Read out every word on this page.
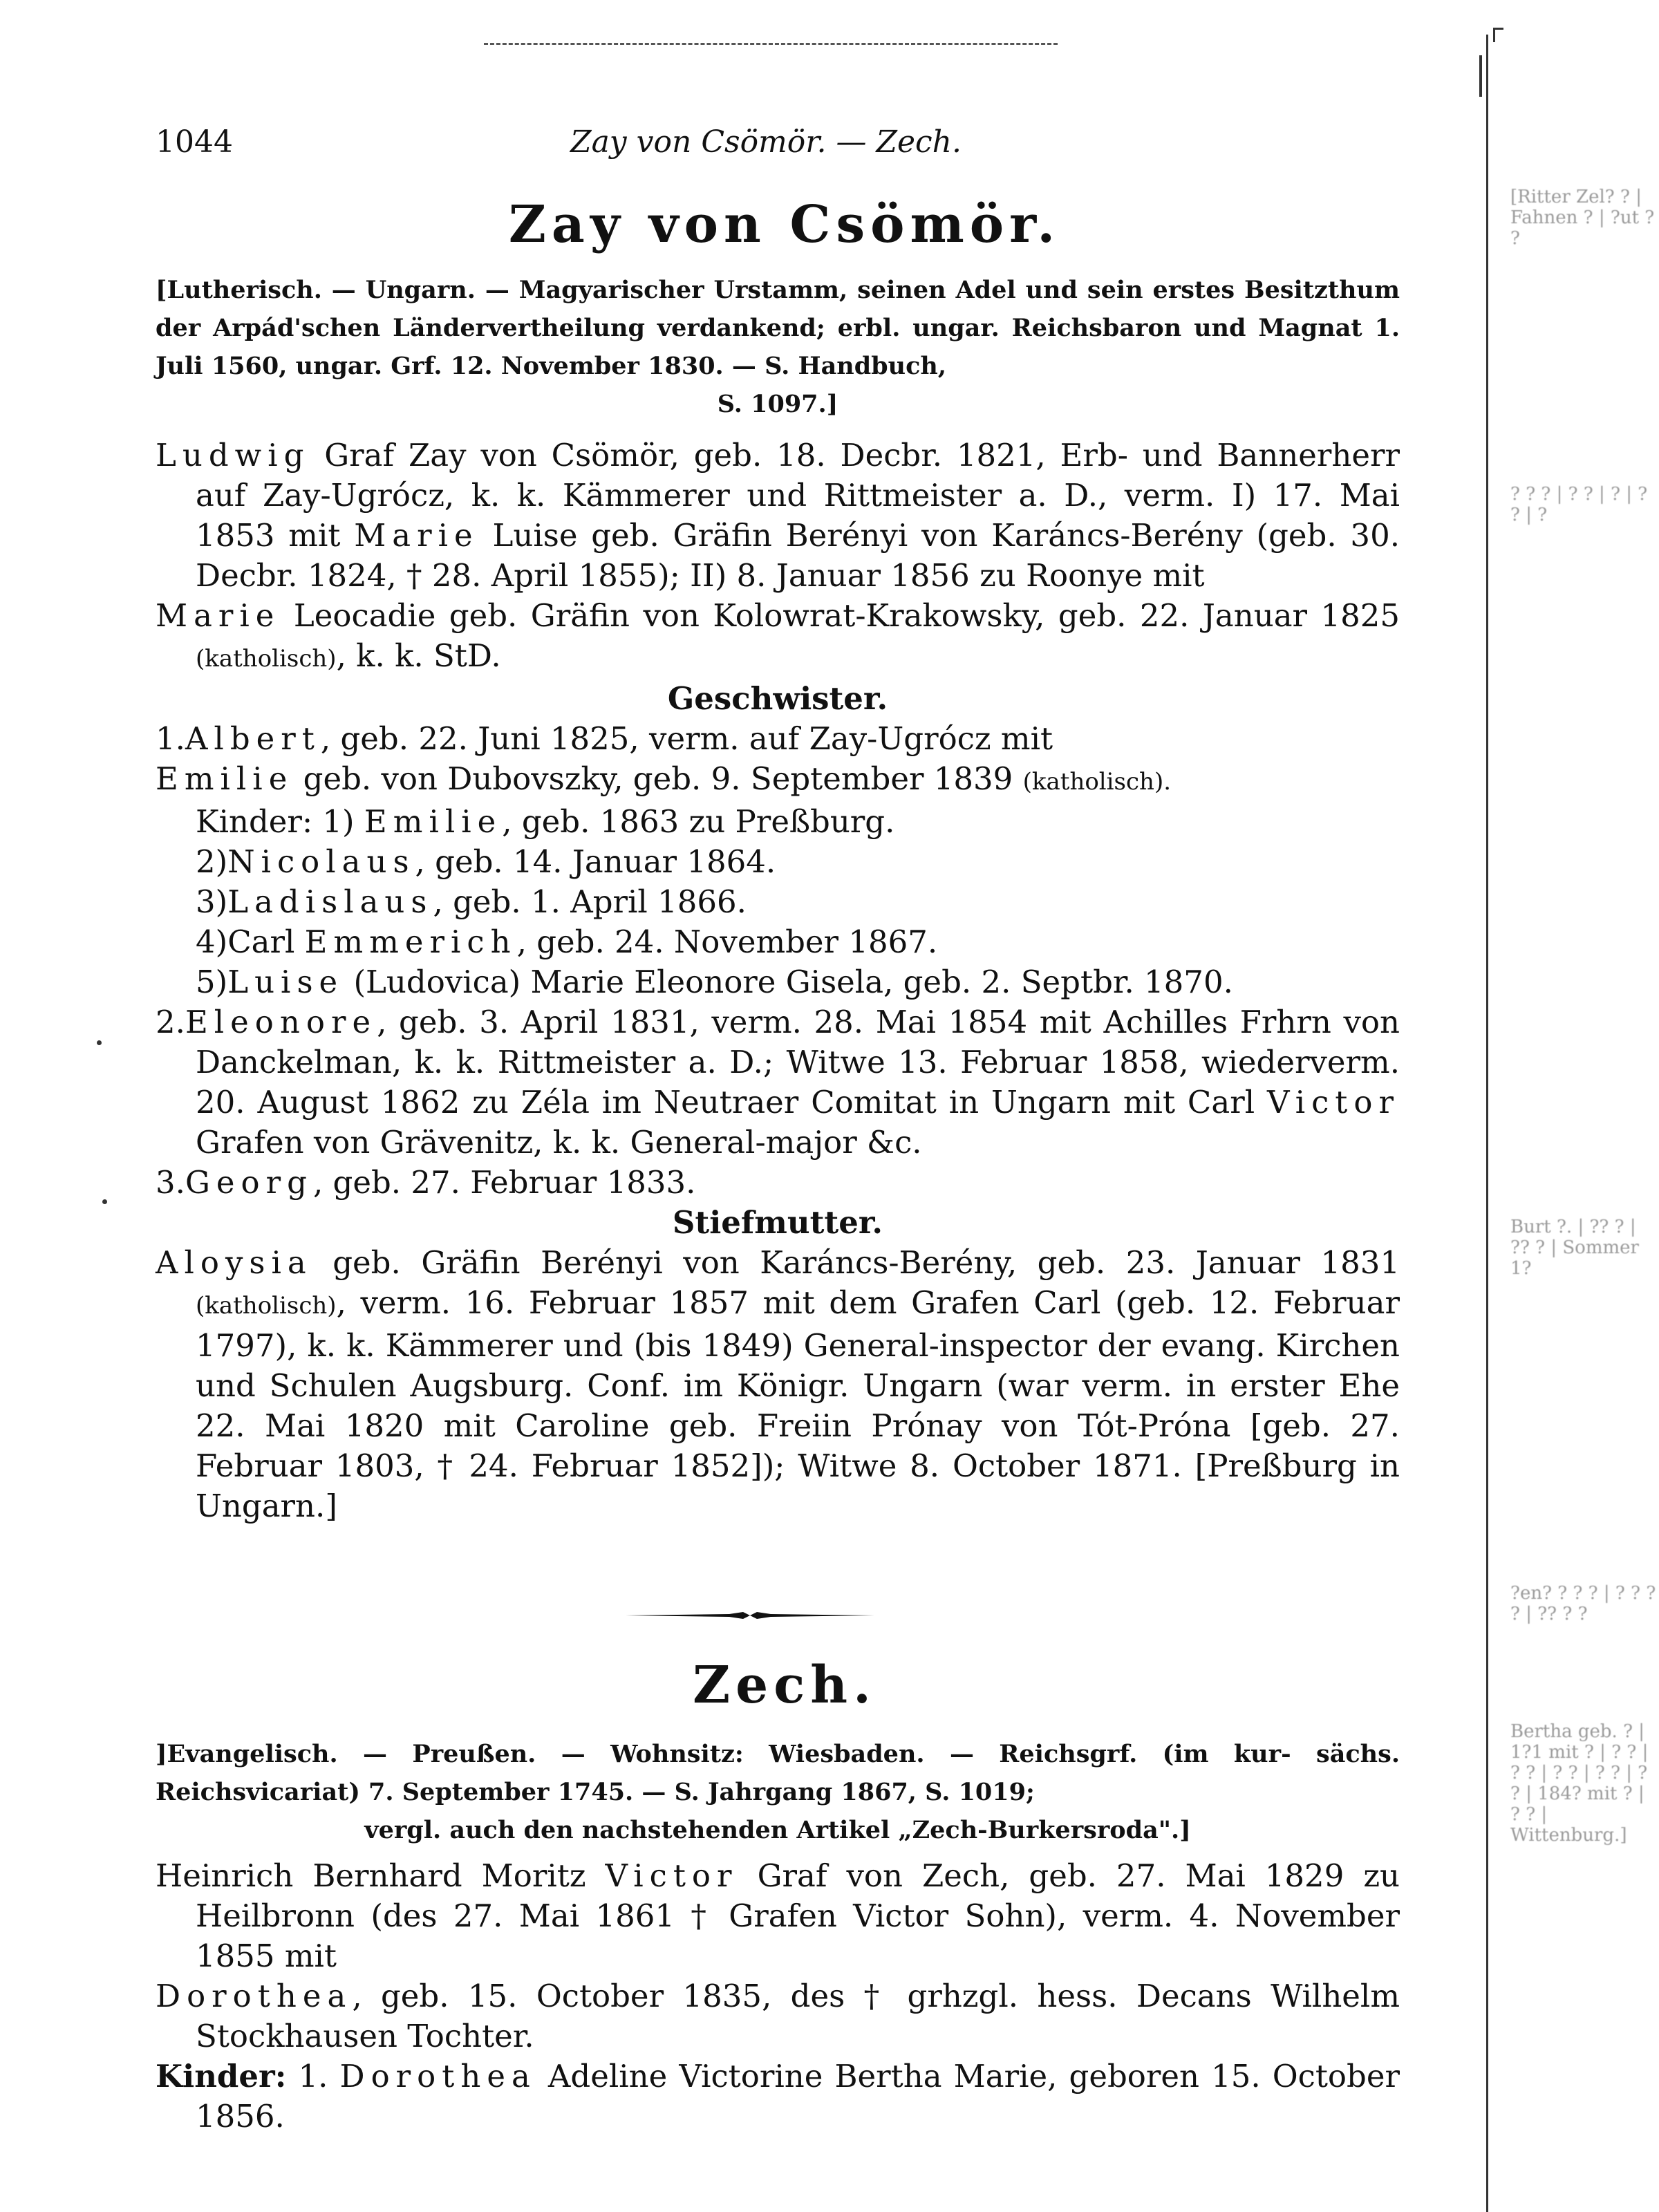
1044	Zay von Csömör. — Zech.
Zay von Csömör.
[Lutherisch. — Ungarn. — Magyarischer Urstamm, seinen Adel und sein erstes Besitzthum der Arpád'schen Ländervertheilung verdankend; erbl. ungar. Reichsbaron und Magnat 1. Juli 1560, ungar. Grf. 12. November 1830. — S. Handbuch,
S. 1097.]
Ludwig Graf Zay von Csömör, geb. 18. Decbr. 1821, Erb- und Bannerherr auf Zay-Ugrócz, k. k. Kämmerer und Rittmeister a. D., verm. I) 17. Mai 1853 mit Marie Luise geb. Gräfin Berényi von Karáncs-Berény (geb. 30. Decbr. 1824, † 28. April 1855); II) 8. Januar 1856 zu Roonye mit
Marie Leocadie geb. Gräfin von Kolowrat-Krakowsky, geb. 22. Januar 1825 (katholisch), k. k. StD.
Geschwister.
1.Albert, geb. 22. Juni 1825, verm. auf Zay-Ugrócz mit
Emilie geb. von Dubovszky, geb. 9. September 1839 (katholisch).
Kinder: 1) Emilie, geb. 1863 zu Preßburg.
2)Nicolaus, geb. 14. Januar 1864.
3)Ladislaus, geb. 1. April 1866.
4)Carl Emmerich, geb. 24. November 1867.
5)Luise (Ludovica) Marie Eleonore Gisela, geb. 2. Septbr. 1870.
2.Eleonore, geb. 3. April 1831, verm. 28. Mai 1854 mit Achilles Frhrn von Danckelman, k. k. Rittmeister a. D.; Witwe 13. Februar 1858, wiederverm. 20. August 1862 zu Zéla im Neutraer Comitat in Ungarn mit Carl Victor Grafen von Grävenitz, k. k. General-major &c.
3.Georg, geb. 27. Februar 1833.
Stiefmutter.
Aloysia geb. Gräfin Berényi von Karáncs-Berény, geb. 23. Januar 1831 (katholisch), verm. 16. Februar 1857 mit dem Grafen Carl (geb. 12. Februar 1797), k. k. Kämmerer und (bis 1849) General-inspector der evang. Kirchen und Schulen Augsburg. Conf. im Königr. Ungarn (war verm. in erster Ehe 22. Mai 1820 mit Caroline geb. Freiin Prónay von Tót-Próna [geb. 27. Februar 1803, † 24. Februar 1852]); Witwe 8. October 1871. [Preßburg in Ungarn.]
Zech.
]Evangelisch. — Preußen. — Wohnsitz: Wiesbaden. — Reichsgrf. (im kur- sächs. Reichsvicariat) 7. September 1745. — S. Jahrgang 1867, S. 1019;
vergl. auch den nachstehenden Artikel „Zech-Burkersroda".]
Heinrich Bernhard Moritz Victor Graf von Zech, geb. 27. Mai 1829 zu Heilbronn (des 27. Mai 1861 † Grafen Victor Sohn), verm. 4. November 1855 mit
Dorothea, geb. 15. October 1835, des † grhzgl. hess. Decans Wilhelm Stockhausen Tochter.
Kinder: 1. Dorothea Adeline Victorine Bertha Marie, geboren 15. October 1856.
[Ritter Zel? ? | Fahnen ? | ?ut ? ?
? ? ? | ? ? | ? | ? ? | ?
Burt ?. | ?? ? | ?? ? | Sommer 1?
?en? ? ? ? | ? ? ? ? | ?? ? ?
Bertha geb. ? | 1?1 mit ? | ? ? | ? ? | ? ? | ? ? | ? ? | 184? mit ? | ? ? | Wittenburg.]
